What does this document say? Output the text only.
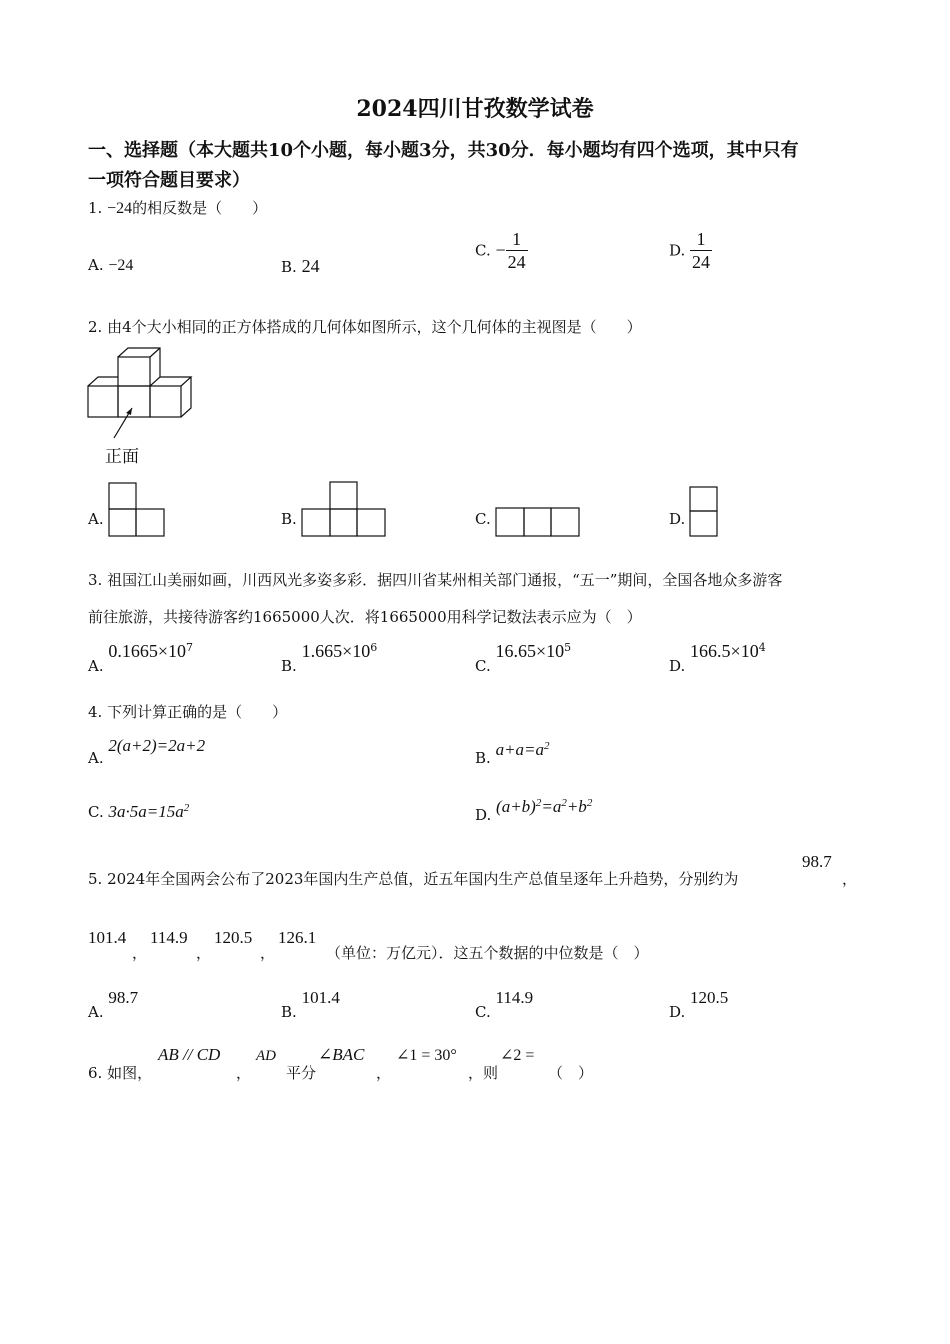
2024四川甘孜数学试卷
一、选择题（本大题共10个小题，每小题3分，共30分．每小题均有四个选项，其中只有
一项符合题目要求）
1. −24的相反数是（　　）
A. −24	B. 24
C. − $\frac{1}{24}$	D. $\frac{1}{24}$
2. 由4个大小相同的正方体搭成的几何体如图所示，这个几何体的主视图是（　　）
正面
A.	B.	C.	D.
3. 祖国江山美丽如画，川西风光多姿多彩．据四川省某州相关部门通报，“五一”期间，全国各地众多游客
前往旅游，共接待游客约1665000人次．将1665000用科学记数法表示应为（　）
A. $0.1665\times 10^7$
B. $1.665\times 10^6$
C. $16.65\times 10^5$
D. $166.5\times 10^4$
4. 下列计算正确的是（　　）
A. 2(a+2)=2a+2
B. $a+a=a^2$
C. $3a\cdot 5a=15a^2$	D. $(a+b)^2=a^2+b^2$
5. 2024年全国两会公布了2023年国内生产总值，近五年国内生产总值呈逐年上升趋势，分别约为
98.7
，
101.4
，
114.9
，
120.5
，
126.1
（单位：万亿元）．这五个数据的中位数是（　）
A. 98.7
B. 101.4
C. 114.9
D. 120.5
6. 如图，
AB // CD
，
AD
平分
∠BAC
，
∠1 = 30°
，则
∠2 =
（　）
